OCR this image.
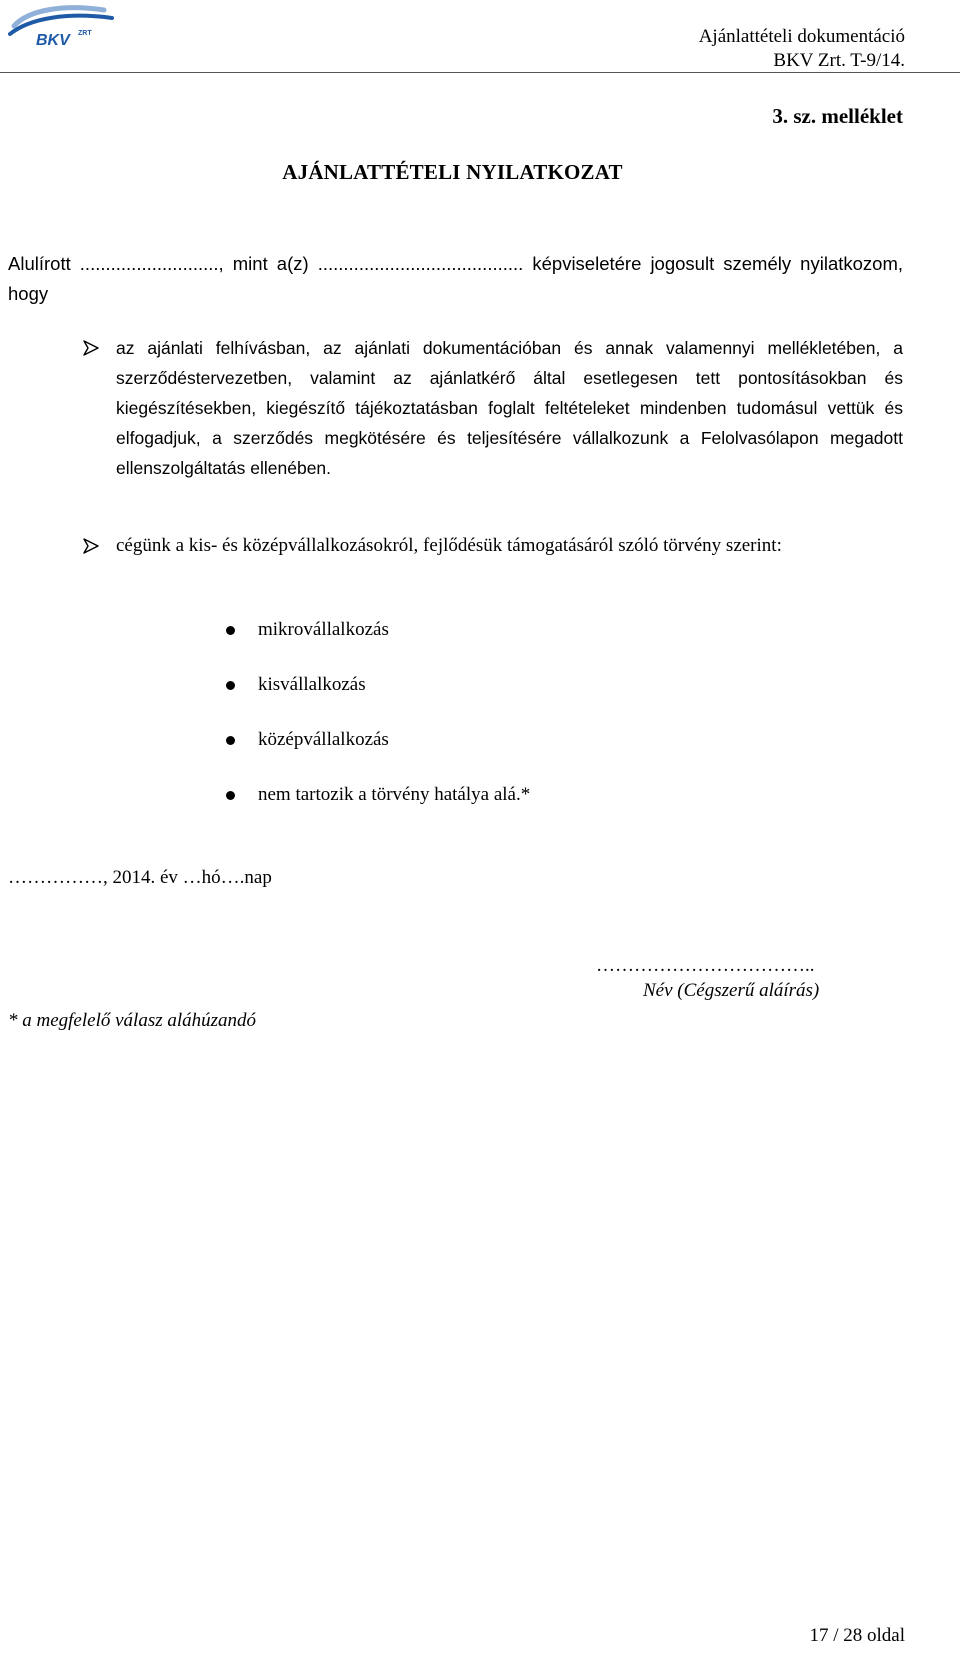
BKV ZRT	Ajánlattételi dokumentáció
BKV Zrt. T-9/14.
3. sz. melléklet
AJÁNLATTÉTELI NYILATKOZAT
Alulírott ..........................., mint a(z) ........................................ képviseletére jogosult személy nyilatkozom, hogy
az ajánlati felhívásban, az ajánlati dokumentációban és annak valamennyi mellékletében, a szerződéstervezetben, valamint az ajánlatkérő által esetlegesen tett pontosításokban és kiegészítésekben, kiegészítő tájékoztatásban foglalt feltételeket mindenben tudomásul vettük és elfogadjuk, a szerződés megkötésére és teljesítésére vállalkozunk a Felolvasólapon megadott ellenszolgáltatás ellenében.
cégünk a kis- és középvállalkozásokról, fejlődésük támogatásáról szóló törvény szerint:
mikrovállalkozás
kisvállalkozás
középvállalkozás
nem tartozik a törvény hatálya alá.*
……………, 2014. év …hó….nap
……………………………..
Név (Cégszerű aláírás)
* a megfelelő válasz aláhúzandó
17 / 28 oldal
